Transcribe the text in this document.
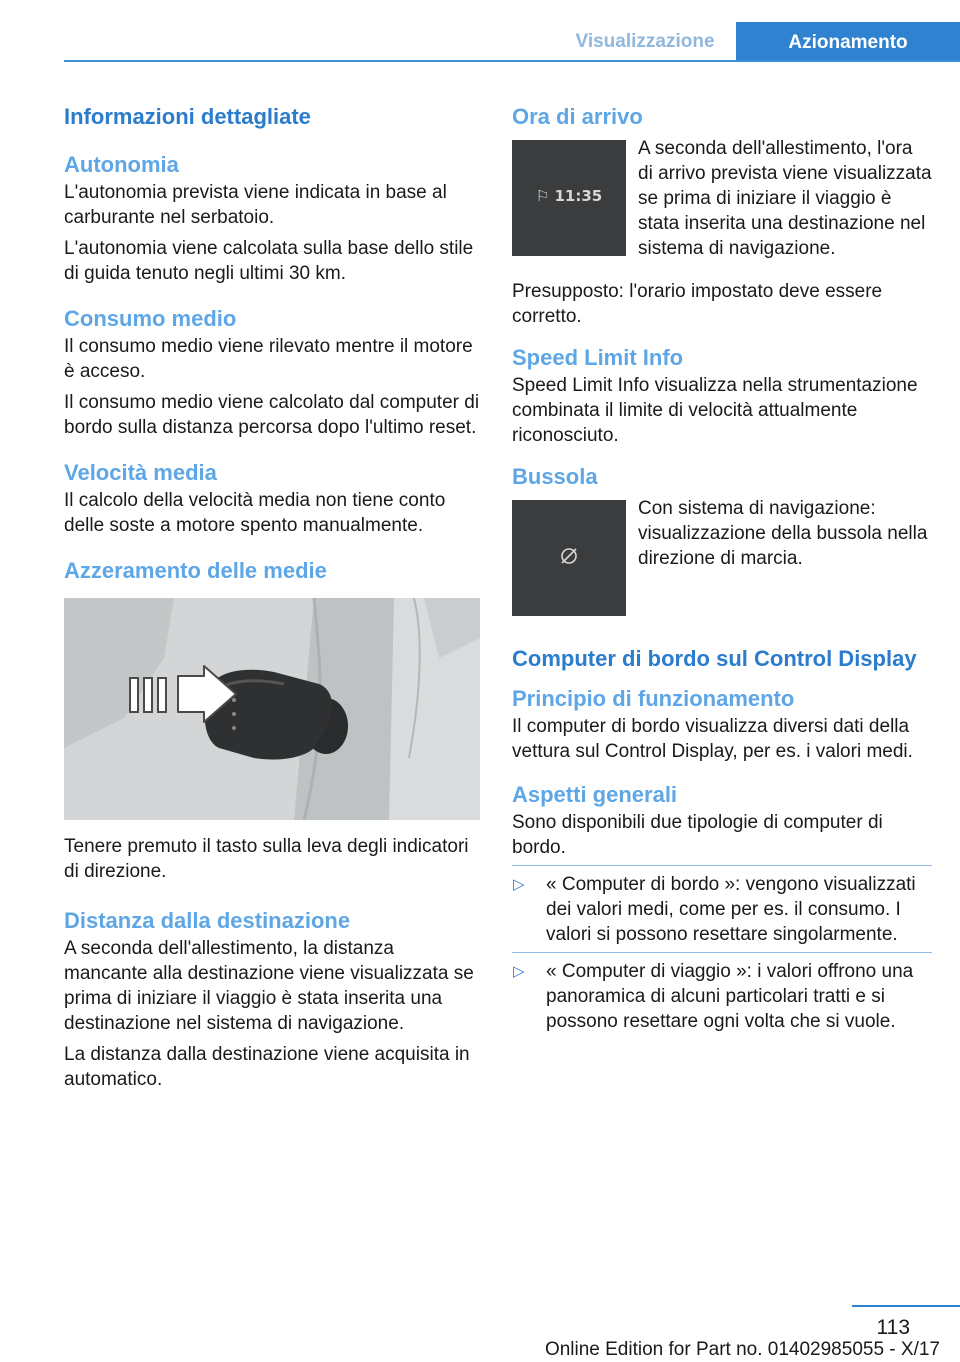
Visualizzazione	Azionamento
Informazioni dettagliate
Autonomia

L'autonomia prevista viene indicata in base al carburante nel serbatoio.

L'autonomia viene calcolata sulla base dello stile di guida tenuto negli ultimi 30 km.

Consumo medio

Il consumo medio viene rilevato mentre il motore è acceso.

Il consumo medio viene calcolato dal computer di bordo sulla distanza percorsa dopo l'ultimo reset.

Velocità media

Il calcolo della velocità media non tiene conto delle soste a motore spento manualmente.

Azzeramento delle medie

Tenere premuto il tasto sulla leva degli indicatori di direzione.

Distanza dalla destinazione

A seconda dell'allestimento, la distanza mancante alla destinazione viene visualizzata se prima di iniziare il viaggio è stata inserita una destinazione nel sistema di navigazione.

La distanza dalla destinazione viene acquisita in automatico.

Ora di arrivo
⚐ 11:35

A seconda dell'allestimento, l'ora di arrivo prevista viene visualizzata se prima di iniziare il viaggio è stata inserita una destinazione nel sistema di navigazione.

Presupposto: l'orario impostato deve essere corretto.

Speed Limit Info

Speed Limit Info visualizza nella strumentazione combinata il limite di velocità attualmente riconosciuto.

Bussola

Con sistema di navigazione: visualizzazione della bussola nella direzione di marcia.

Computer di bordo sul Control Display
Principio di funzionamento

Il computer di bordo visualizza diversi dati della vettura sul Control Display, per es. i valori medi.

Aspetti generali

Sono disponibili due tipologie di computer di bordo.

▷ « Computer di bordo »: vengono visualizzati dei valori medi, come per es. il consumo. I valori si possono resettare singolarmente.
▷ « Computer di viaggio »: i valori offrono una panoramica di alcuni particolari tratti e si possono resettare ogni volta che si vuole.
113
Online Edition for Part no. 01402985055 - X/17
